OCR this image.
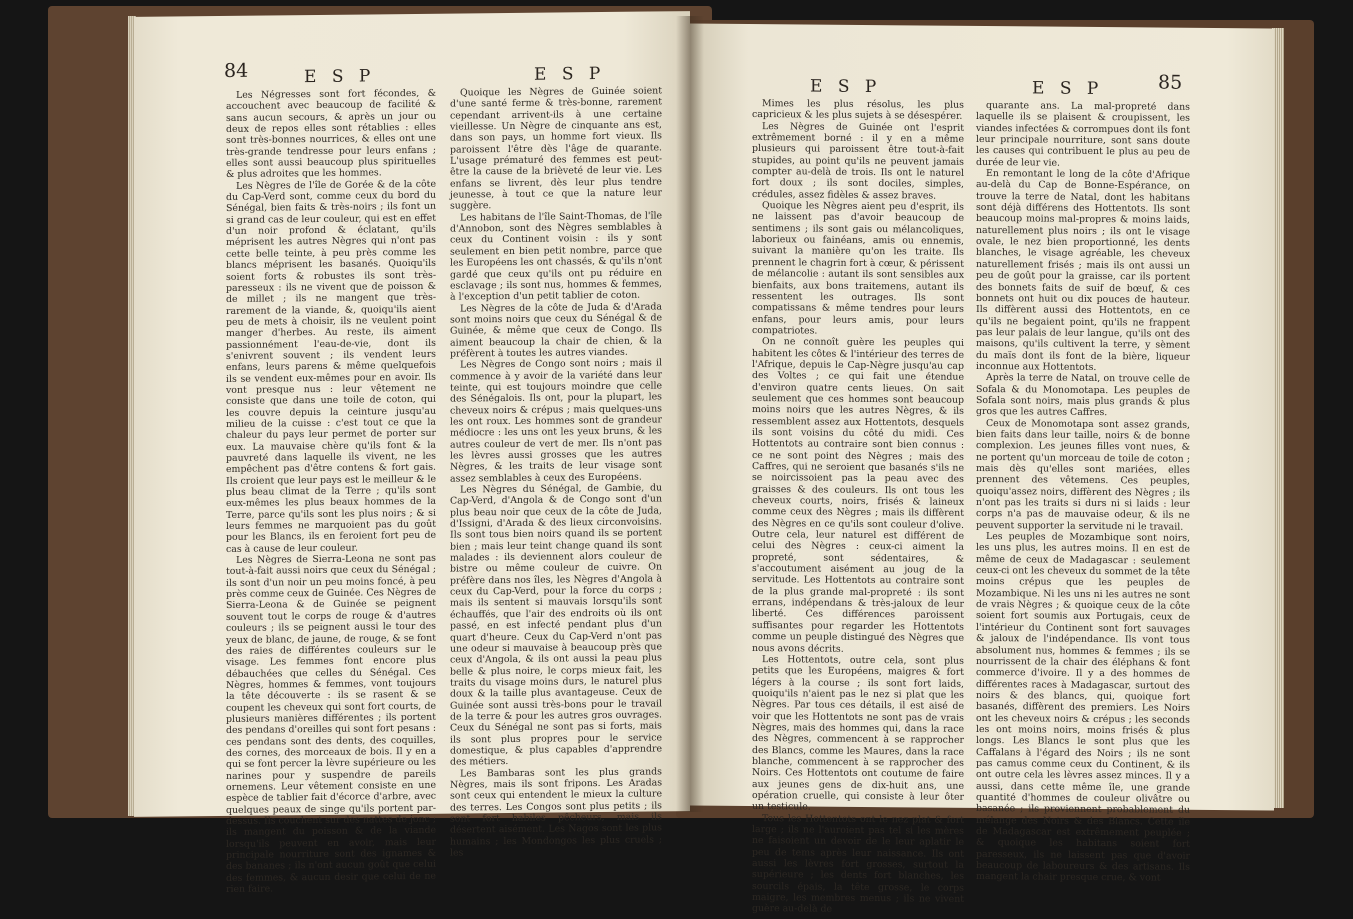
84	E S P	E S P

Les Négresses sont fort fécondes, & accouchent avec beaucoup de facilité & sans aucun secours, & après un jour ou deux de repos elles sont rétablies : elles sont très-bonnes nourrices, & elles ont une très-grande tendresse pour leurs enfans ; elles sont aussi beaucoup plus spirituelles & plus adroites que les hommes.

Les Nègres de l'île de Gorée & de la côte du Cap-Verd sont, comme ceux du bord du Sénégal, bien faits & très-noirs ; ils font un si grand cas de leur couleur, qui est en effet d'un noir profond & éclatant, qu'ils méprisent les autres Nègres qui n'ont pas cette belle teinte, à peu près comme les blancs méprisent les basanés. Quoiqu'ils soient forts & robustes ils sont très-paresseux : ils ne vivent que de poisson & de millet ; ils ne mangent que très-rarement de la viande, &, quoiqu'ils aient peu de mets à choisir, ils ne veulent point manger d'herbes. Au reste, ils aiment passionnément l'eau-de-vie, dont ils s'enivrent souvent ; ils vendent leurs enfans, leurs parens & même quelquefois ils se vendent eux-mêmes pour en avoir. Ils vont presque nus : leur vêtement ne consiste que dans une toile de coton, qui les couvre depuis la ceinture jusqu'au milieu de la cuisse : c'est tout ce que la chaleur du pays leur permet de porter sur eux. La mauvaise chère qu'ils font & la pauvreté dans laquelle ils vivent, ne les empêchent pas d'être contens & fort gais. Ils croient que leur pays est le meilleur & le plus beau climat de la Terre ; qu'ils sont eux-mêmes les plus beaux hommes de la Terre, parce qu'ils sont les plus noirs ; & si leurs femmes ne marquoient pas du goût pour les Blancs, ils en feroient fort peu de cas à cause de leur couleur.

Les Nègres de Sierra-Leona ne sont pas tout-à-fait aussi noirs que ceux du Sénégal ; ils sont d'un noir un peu moins foncé, à peu près comme ceux de Guinée. Ces Nègres de Sierra-Leona & de Guinée se peignent souvent tout le corps de rouge & d'autres couleurs ; ils se peignent aussi le tour des yeux de blanc, de jaune, de rouge, & se font des raies de différentes couleurs sur le visage. Les femmes font encore plus débauchées que celles du Sénégal. Ces Nègres, hommes & femmes, vont toujours la tête découverte : ils se rasent & se coupent les cheveux qui sont fort courts, de plusieurs manières différentes ; ils portent des pendans d'oreilles qui sont fort pesans : ces pendans sont des dents, des coquilles, des cornes, des morceaux de bois. Il y en a qui se font percer la lèvre supérieure ou les narines pour y suspendre de pareils ornemens. Leur vêtement consiste en une espèce de tablier fait d'écorce d'arbre, avec quelques peaux de singe qu'ils portent par-dessus. Ils couchent sur des nattes de jonc ; ils mangent du poisson & de la viande lorsqu'ils peuvent en avoir, mais leur principale nourriture sont des ignames & des bananes ; ils n'ont aucun goût que celui des femmes, & aucun desir que celui de ne rien faire.

Quoique les Nègres de Guinée soient d'une santé ferme & très-bonne, rarement cependant arrivent-ils à une certaine vieillesse. Un Nègre de cinquante ans est, dans son pays, un homme fort vieux. Ils paroissent l'être dès l'âge de quarante. L'usage prématuré des femmes est peut-être la cause de la brièveté de leur vie. Les enfans se livrent, dès leur plus tendre jeunesse, à tout ce que la nature leur suggère.

Les habitans de l'île Saint-Thomas, de l'île d'Annobon, sont des Nègres semblables à ceux du Continent voisin : ils y sont seulement en bien petit nombre, parce que les Européens les ont chassés, & qu'ils n'ont gardé que ceux qu'ils ont pu réduire en esclavage ; ils sont nus, hommes & femmes, à l'exception d'un petit tablier de coton.

Les Nègres de la côte de Juda & d'Arada sont moins noirs que ceux du Sénégal & de Guinée, & même que ceux de Congo. Ils aiment beaucoup la chair de chien, & la préfèrent à toutes les autres viandes.

Les Nègres de Congo sont noirs ; mais il commence à y avoir de la variété dans leur teinte, qui est toujours moindre que celle des Sénégalois. Ils ont, pour la plupart, les cheveux noirs & crépus ; mais quelques-uns les ont roux. Les hommes sont de grandeur médiocre : les uns ont les yeux bruns, & les autres couleur de vert de mer. Ils n'ont pas les lèvres aussi grosses que les autres Nègres, & les traits de leur visage sont assez semblables à ceux des Européens.

Les Nègres du Sénégal, de Gambie, du Cap-Verd, d'Angola & de Congo sont d'un plus beau noir que ceux de la côte de Juda, d'Issigni, d'Arada & des lieux circonvoisins. Ils sont tous bien noirs quand ils se portent bien ; mais leur teint change quand ils sont malades : ils deviennent alors couleur de bistre ou même couleur de cuivre. On préfère dans nos îles, les Nègres d'Angola à ceux du Cap-Verd, pour la force du corps ; mais ils sentent si mauvais lorsqu'ils sont échauffés, que l'air des endroits où ils ont passé, en est infecté pendant plus d'un quart d'heure. Ceux du Cap-Verd n'ont pas une odeur si mauvaise à beaucoup près que ceux d'Angola, & ils ont aussi la peau plus belle & plus noire, le corps mieux fait, les traits du visage moins durs, le naturel plus doux & la taille plus avantageuse. Ceux de Guinée sont aussi très-bons pour le travail de la terre & pour les autres gros ouvrages. Ceux du Sénégal ne sont pas si forts, mais ils sont plus propres pour le service domestique, & plus capables d'apprendre des métiers.

Les Bambaras sont les plus grands Nègres, mais ils sont fripons. Les Aradas sont ceux qui entendent le mieux la culture des terres. Les Congos sont plus petits ; ils sont fort habiles pêcheurs, mais ils désertent aisément. Les Nagos sont les plus humains ; les Mondongos les plus cruels ; les

E S P	E S P	85

Mimes les plus résolus, les plus capricieux & les plus sujets à se désespérer.

Les Nègres de Guinée ont l'esprit extrêmement borné : il y en a même plusieurs qui paroissent être tout-à-fait stupides, au point qu'ils ne peuvent jamais compter au-delà de trois. Ils ont le naturel fort doux ; ils sont dociles, simples, crédules, assez fidèles & assez braves.

Quoique les Nègres aient peu d'esprit, ils ne laissent pas d'avoir beaucoup de sentimens ; ils sont gais ou mélancoliques, laborieux ou fainéans, amis ou ennemis, suivant la manière qu'on les traite. Ils prennent le chagrin fort à cœur, & périssent de mélancolie : autant ils sont sensibles aux bienfaits, aux bons traitemens, autant ils ressentent les outrages. Ils sont compatissans & même tendres pour leurs enfans, pour leurs amis, pour leurs compatriotes.

On ne connoît guère les peuples qui habitent les côtes & l'intérieur des terres de l'Afrique, depuis le Cap-Nègre jusqu'au cap des Voltes ; ce qui fait une étendue d'environ quatre cents lieues. On sait seulement que ces hommes sont beaucoup moins noirs que les autres Nègres, & ils ressemblent assez aux Hottentots, desquels ils sont voisins du côté du midi. Ces Hottentots au contraire sont bien connus : ce ne sont point des Nègres ; mais des Caffres, qui ne seroient que basanés s'ils ne se noircissoient pas la peau avec des graisses & des couleurs. Ils ont tous les cheveux courts, noirs, frisés & laineux comme ceux des Nègres ; mais ils diffèrent des Nègres en ce qu'ils sont couleur d'olive. Outre cela, leur naturel est différent de celui des Nègres : ceux-ci aiment la propreté, sont sédentaires, & s'accoutument aisément au joug de la servitude. Les Hottentots au contraire sont de la plus grande mal-propreté : ils sont errans, indépendans & très-jaloux de leur liberté. Ces différences paroissent suffisantes pour regarder les Hottentots comme un peuple distingué des Nègres que nous avons décrits.

Les Hottentots, outre cela, sont plus petits que les Européens, maigres & fort légers à la course ; ils sont fort laids, quoiqu'ils n'aient pas le nez si plat que les Nègres. Par tous ces détails, il est aisé de voir que les Hottentots ne sont pas de vrais Nègres, mais des hommes qui, dans la race des Nègres, commencent à se rapprocher des Blancs, comme les Maures, dans la race blanche, commencent à se rapprocher des Noirs. Ces Hottentots ont coutume de faire aux jeunes gens de dix-huit ans, une opération cruelle, qui consiste à leur ôter un testicule.

Tous les Hottentots ont le nez plat & fort large ; ils ne l'auroient pas tel si les mères ne faisoient un devoir de le leur aplatir le peu de tems après leur naissance. Ils ont aussi les lèvres fort grosses, surtout la supérieure ; les dents fort blanches, les sourcils épais, la tête grosse, le corps maigre, les membres menus ; ils ne vivent guère au-delà de

quarante ans. La mal-propreté dans laquelle ils se plaisent & croupissent, les viandes infectées & corrompues dont ils font leur principale nourriture, sont sans doute les causes qui contribuent le plus au peu de durée de leur vie.

En remontant le long de la côte d'Afrique au-delà du Cap de Bonne-Espérance, on trouve la terre de Natal, dont les habitans sont déjà différens des Hottentots. Ils sont beaucoup moins mal-propres & moins laids, naturellement plus noirs ; ils ont le visage ovale, le nez bien proportionné, les dents blanches, le visage agréable, les cheveux naturellement frisés ; mais ils ont aussi un peu de goût pour la graisse, car ils portent des bonnets faits de suif de bœuf, & ces bonnets ont huit ou dix pouces de hauteur. Ils diffèrent aussi des Hottentots, en ce qu'ils ne begaient point, qu'ils ne frappent pas leur palais de leur langue, qu'ils ont des maisons, qu'ils cultivent la terre, y sèment du maïs dont ils font de la bière, liqueur inconnue aux Hottentots.

Après la terre de Natal, on trouve celle de Sofala & du Monomotapa. Les peuples de Sofala sont noirs, mais plus grands & plus gros que les autres Caffres.

Ceux de Monomotapa sont assez grands, bien faits dans leur taille, noirs & de bonne complexion. Les jeunes filles vont nues, & ne portent qu'un morceau de toile de coton ; mais dès qu'elles sont mariées, elles prennent des vêtemens. Ces peuples, quoiqu'assez noirs, diffèrent des Nègres ; ils n'ont pas les traits si durs ni si laids : leur corps n'a pas de mauvaise odeur, & ils ne peuvent supporter la servitude ni le travail.

Les peuples de Mozambique sont noirs, les uns plus, les autres moins. Il en est de même de ceux de Madagascar : seulement ceux-ci ont les cheveux du sommet de la tête moins crépus que les peuples de Mozambique. Ni les uns ni les autres ne sont de vrais Nègres ; & quoique ceux de la côte soient fort soumis aux Portugais, ceux de l'intérieur du Continent sont fort sauvages & jaloux de l'indépendance. Ils vont tous absolument nus, hommes & femmes ; ils se nourrissent de la chair des éléphans & font commerce d'ivoire. Il y a des hommes de différentes races à Madagascar, surtout des noirs & des blancs, qui, quoique fort basanés, diffèrent des premiers. Les Noirs ont les cheveux noirs & crépus ; les seconds les ont moins noirs, moins frisés & plus longs. Les Blancs le sont plus que les Caffalans à l'égard des Noirs ; ils ne sont pas camus comme ceux du Continent, & ils ont outre cela les lèvres assez minces. Il y a aussi, dans cette même île, une grande quantité d'hommes de couleur olivâtre ou basanée ; ils proviennent probablement du mélange des Noirs & des Blancs. Cette île de Madagascar est extrêmement peuplée ; & quoique les habitans soient fort paresseux, ils ne laissent pas que d'avoir beaucoup de laboureurs & des artisans. Ils mangent la chair presque crue, & vont
